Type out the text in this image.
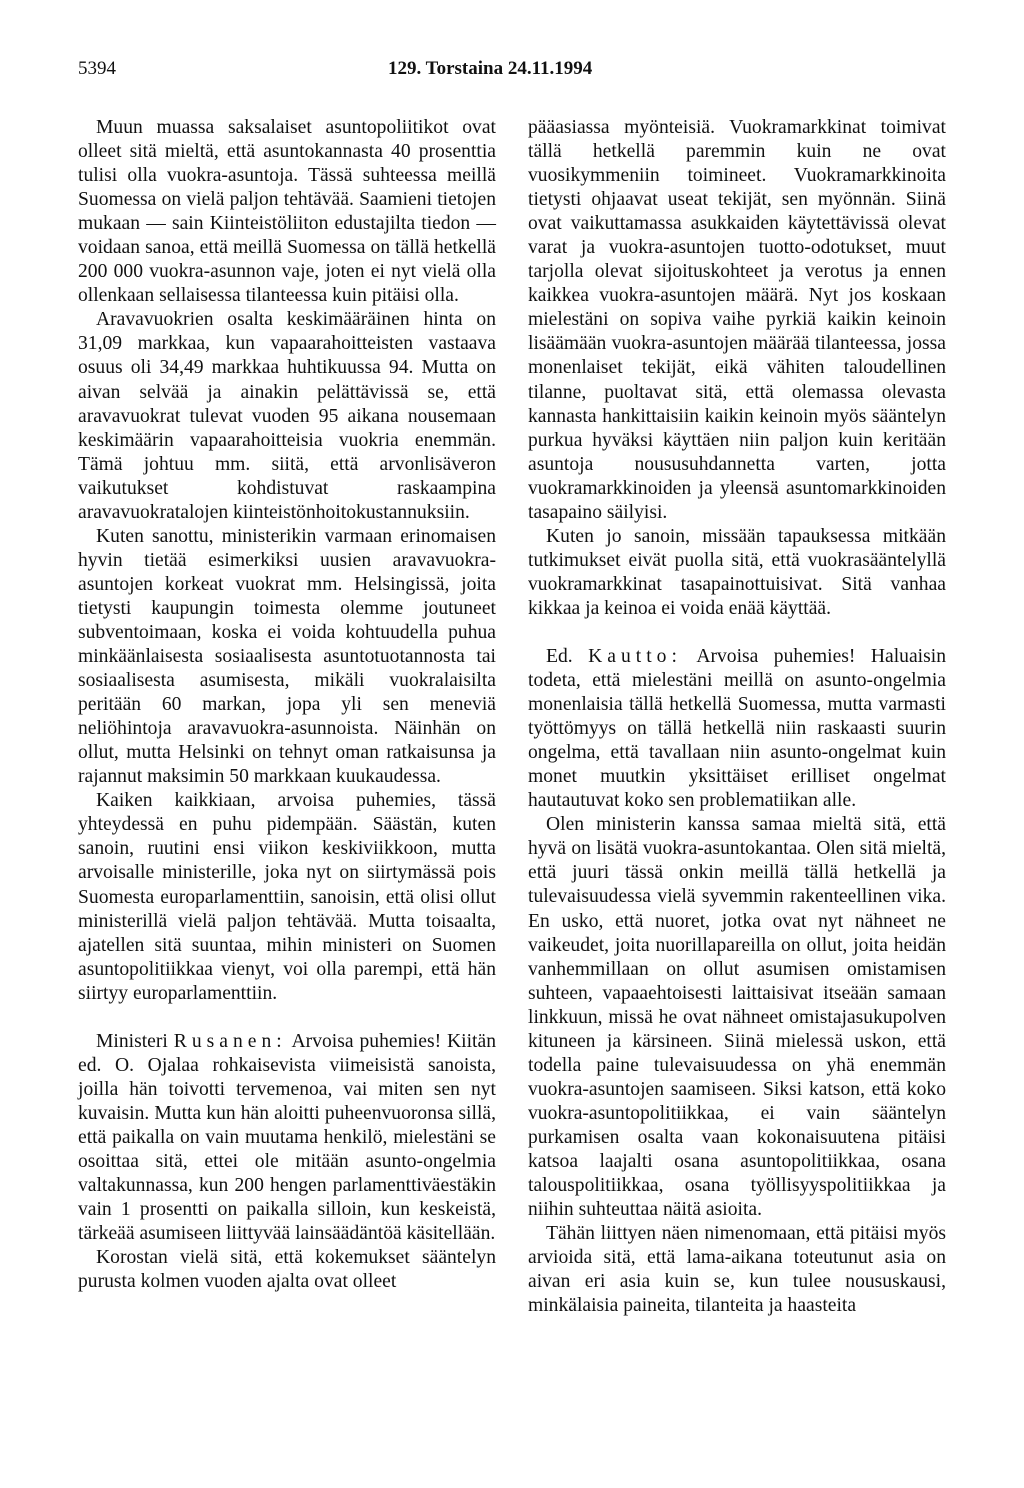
5394	129. Torstaina 24.11.1994

Muun muassa saksalaiset asuntopoliitikot ovat olleet sitä mieltä, että asuntokannasta 40 prosenttia tulisi olla vuokra-asuntoja. Tässä suhteessa meillä Suomessa on vielä paljon tehtävää. Saamieni tietojen mukaan — sain Kiinteistöliiton edustajilta tiedon — voidaan sanoa, että meillä Suomessa on tällä hetkellä 200 000 vuokra-asunnon vaje, joten ei nyt vielä olla ollenkaan sellaisessa tilanteessa kuin pitäisi olla.

Aravavuokrien osalta keskimääräinen hinta on 31,09 markkaa, kun vapaarahoitteisten vastaava osuus oli 34,49 markkaa huhtikuussa 94. Mutta on aivan selvää ja ainakin pelättävissä se, että aravavuokrat tulevat vuoden 95 aikana nousemaan keskimäärin vapaarahoitteisia vuokria enemmän. Tämä johtuu mm. siitä, että arvonlisäveron vaikutukset kohdistuvat raskaampina aravavuokratalojen kiinteistönhoitokustannuksiin.

Kuten sanottu, ministerikin varmaan erinomaisen hyvin tietää esimerkiksi uusien aravavuokra-asuntojen korkeat vuokrat mm. Helsingissä, joita tietysti kaupungin toimesta olemme joutuneet subventoimaan, koska ei voida kohtuudella puhua minkäänlaisesta sosiaalisesta asuntotuotannosta tai sosiaalisesta asumisesta, mikäli vuokralaisilta peritään 60 markan, jopa yli sen meneviä neliöhintoja aravavuokra-asunnoista. Näinhän on ollut, mutta Helsinki on tehnyt oman ratkaisunsa ja rajannut maksimin 50 markkaan kuukaudessa.

Kaiken kaikkiaan, arvoisa puhemies, tässä yhteydessä en puhu pidempään. Säästän, kuten sanoin, ruutini ensi viikon keskiviikkoon, mutta arvoisalle ministerille, joka nyt on siirtymässä pois Suomesta europarlamenttiin, sanoisin, että olisi ollut ministerillä vielä paljon tehtävää. Mutta toisaalta, ajatellen sitä suuntaa, mihin ministeri on Suomen asuntopolitiikkaa vienyt, voi olla parempi, että hän siirtyy europarlamenttiin.

Ministeri Rusanen: Arvoisa puhemies! Kiitän ed. O. Ojalaa rohkaisevista viimeisistä sanoista, joilla hän toivotti tervemenoa, vai miten sen nyt kuvaisin. Mutta kun hän aloitti puheenvuoronsa sillä, että paikalla on vain muutama henkilö, mielestäni se osoittaa sitä, ettei ole mitään asunto-ongelmia valtakunnassa, kun 200 hengen parlamenttiväestäkin vain 1 prosentti on paikalla silloin, kun keskeistä, tärkeää asumiseen liittyvää lainsäädäntöä käsitellään.

Korostan vielä sitä, että kokemukset sääntelyn purusta kolmen vuoden ajalta ovat olleet

pääasiassa myönteisiä. Vuokramarkkinat toimivat tällä hetkellä paremmin kuin ne ovat vuosikymmeniin toimineet. Vuokramarkkinoita tietysti ohjaavat useat tekijät, sen myönnän. Siinä ovat vaikuttamassa asukkaiden käytettävissä olevat varat ja vuokra-asuntojen tuotto-odotukset, muut tarjolla olevat sijoituskohteet ja verotus ja ennen kaikkea vuokra-asuntojen määrä. Nyt jos koskaan mielestäni on sopiva vaihe pyrkiä kaikin keinoin lisäämään vuokra-asuntojen määrää tilanteessa, jossa monenlaiset tekijät, eikä vähiten taloudellinen tilanne, puoltavat sitä, että olemassa olevasta kannasta hankittaisiin kaikin keinoin myös sääntelyn purkua hyväksi käyttäen niin paljon kuin keritään asuntoja noususuhdannetta varten, jotta vuokramarkkinoiden ja yleensä asuntomarkkinoiden tasapaino säilyisi.

Kuten jo sanoin, missään tapauksessa mitkään tutkimukset eivät puolla sitä, että vuokrasääntelyllä vuokramarkkinat tasapainottuisivat. Sitä vanhaa kikkaa ja keinoa ei voida enää käyttää.

Ed. Kautto: Arvoisa puhemies! Haluaisin todeta, että mielestäni meillä on asunto-ongelmia monenlaisia tällä hetkellä Suomessa, mutta varmasti työttömyys on tällä hetkellä niin raskaasti suurin ongelma, että tavallaan niin asunto-ongelmat kuin monet muutkin yksittäiset erilliset ongelmat hautautuvat koko sen problematiikan alle.

Olen ministerin kanssa samaa mieltä sitä, että hyvä on lisätä vuokra-asuntokantaa. Olen sitä mieltä, että juuri tässä onkin meillä tällä hetkellä ja tulevaisuudessa vielä syvemmin rakenteellinen vika. En usko, että nuoret, jotka ovat nyt nähneet ne vaikeudet, joita nuorillapareilla on ollut, joita heidän vanhemmillaan on ollut asumisen omistamisen suhteen, vapaaehtoisesti laittaisivat itseään samaan linkkuun, missä he ovat nähneet omistajasukupolven kituneen ja kärsineen. Siinä mielessä uskon, että todella paine tulevaisuudessa on yhä enemmän vuokra-asuntojen saamiseen. Siksi katson, että koko vuokra-asuntopolitiikkaa, ei vain sääntelyn purkamisen osalta vaan kokonaisuutena pitäisi katsoa laajalti osana asuntopolitiikkaa, osana talouspolitiikkaa, osana työllisyyspolitiikkaa ja niihin suhteuttaa näitä asioita.

Tähän liittyen näen nimenomaan, että pitäisi myös arvioida sitä, että lama-aikana toteutunut asia on aivan eri asia kuin se, kun tulee noususkausi, minkälaisia paineita, tilanteita ja haasteita
